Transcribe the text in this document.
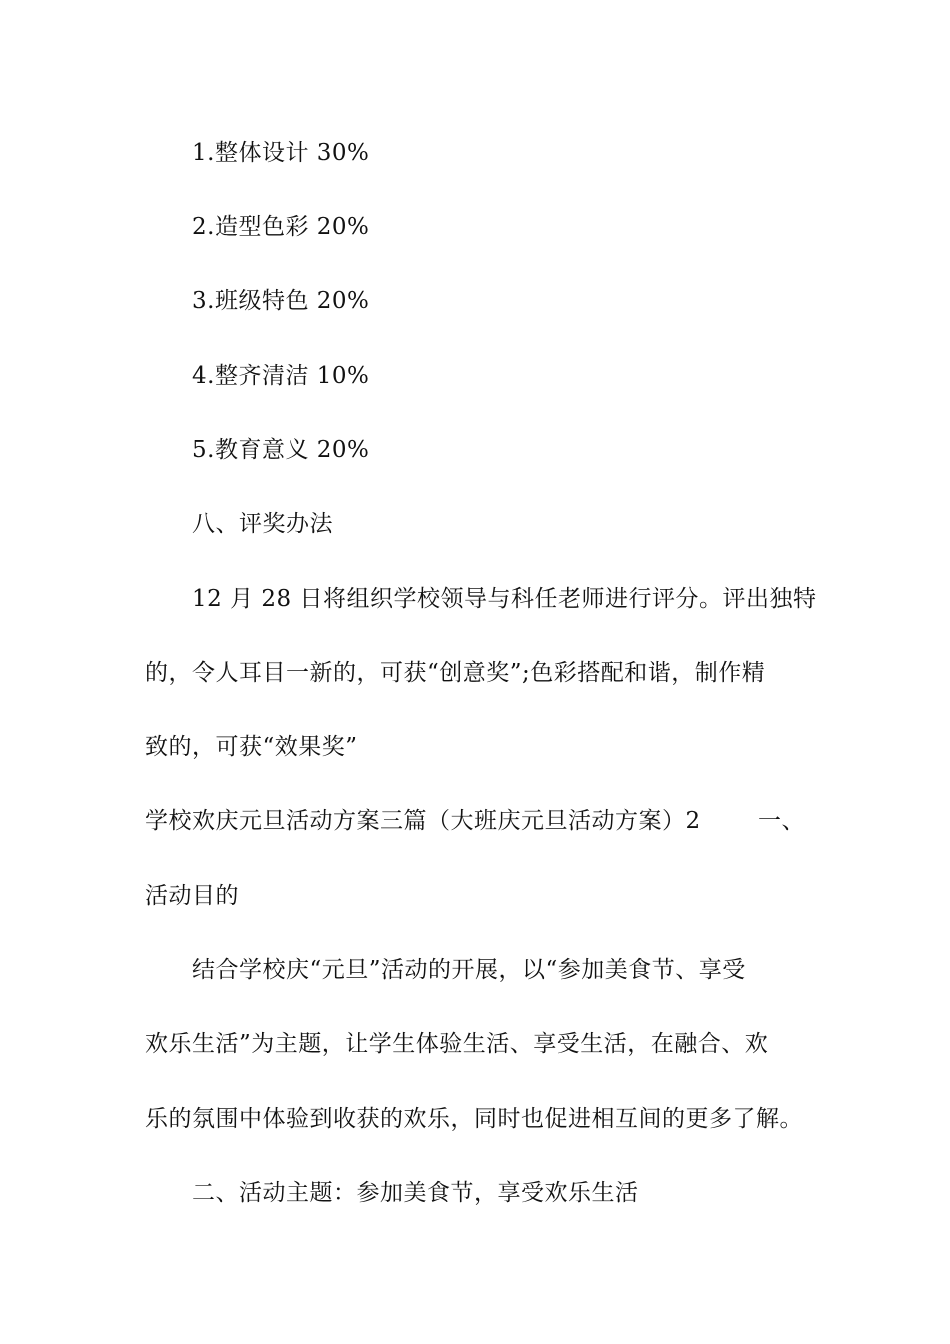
1.整体设计 30%
2.造型色彩 20%
3.班级特色 20%
4.整齐清洁 10%
5.教育意义 20%
八、评奖办法
12 月 28 日将组织学校领导与科任老师进行评分。评出独特
的，令人耳目一新的，可获“创意奖”;色彩搭配和谐，制作精
致的，可获“效果奖”
学校欢庆元旦活动方案三篇（大班庆元旦活动方案）2 一、
活动目的
结合学校庆“元旦”活动的开展，以“参加美食节、享受
欢乐生活”为主题，让学生体验生活、享受生活，在融合、欢
乐的氛围中体验到收获的欢乐，同时也促进相互间的更多了解。
二、活动主题：参加美食节，享受欢乐生活
